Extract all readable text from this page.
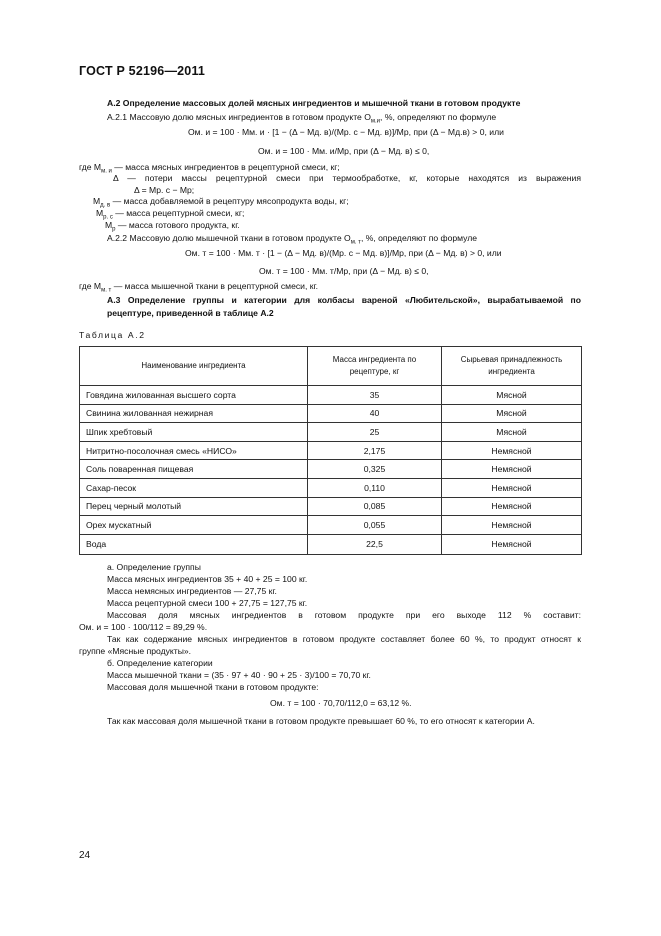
ГОСТ Р 52196—2011
А.2 Определение массовых долей мясных ингредиентов и мышечной ткани в готовом продукте
А.2.1 Массовую долю мясных ингредиентов в готовом продукте $О_{м.и}$, %, определяют по формуле
Ом. и = 100 · Мм. и · [1 − (Δ − Мд. в)/(Мр. с − Мд. в)]/Мр, при (Δ − Мд.в) > 0, или
Ом. и = 100 · Мм. и/Мр, при (Δ − Мд. в) ≤ 0,
где $М_{м. и}$ — масса мясных ингредиентов в рецептурной смеси, кг;
Δ — потери массы рецептурной смеси при термообработке, кг, которые находятся из выражения
Δ = Мр. с − Мр;
$М_{д. в}$ — масса добавляемой в рецептуру мясопродукта воды, кг;
$М_{р. с}$ — масса рецептурной смеси, кг;
$М_р$ — масса готового продукта, кг.
А.2.2 Массовую долю мышечной ткани в готовом продукте $О_{м. т}$, %, определяют по формуле
Ом. т = 100 · Мм. т · [1 − (Δ − Мд. в)/(Мр. с − Мд. в)]/Мр, при (Δ − Мд. в) > 0, или
Ом. т = 100 · Мм. т/Мр, при (Δ − Мд. в) ≤ 0,
где $М_{м. т}$ — масса мышечной ткани в рецептурной смеси, кг.
А.3 Определение группы и категории для колбасы вареной «Любительской», вырабатываемой по
рецептуре, приведенной в таблице А.2
Таблица А.2
Наименование ингредиента	Масса ингредиента по рецептуре, кг	Сырьевая принадлежность ингредиента
Говядина жилованная высшего сорта	35	Мясной
Свинина жилованная нежирная	40	Мясной
Шпик хребтовый	25	Мясной
Нитритно-посолочная смесь «НИСО»	2,175	Немясной
Соль поваренная пищевая	0,325	Немясной
Сахар-песок	0,110	Немясной
Перец черный молотый	0,085	Немясной
Орех мускатный	0,055	Немясной
Вода	22,5	Немясной
а. Определение группы
Масса мясных ингредиентов 35 + 40 + 25 = 100 кг.
Масса немясных ингредиентов — 27,75 кг.
Масса рецептурной смеси 100 + 27,75 = 127,75 кг.
Массовая доля мясных ингредиентов в готовом продукте при его выходе 112 % составит:
Ом. и = 100 · 100/112 = 89,29 %.
Так как содержание мясных ингредиентов в готовом продукте составляет более 60 %, то продукт относят к
группе «Мясные продукты».
б. Определение категории
Масса мышечной ткани = (35 · 97 + 40 · 90 + 25 · 3)/100 = 70,70 кг.
Массовая доля мышечной ткани в готовом продукте:
Ом. т = 100 · 70,70/112,0 = 63,12 %.
Так как массовая доля мышечной ткани в готовом продукте превышает 60 %, то его относят к категории А.
24
